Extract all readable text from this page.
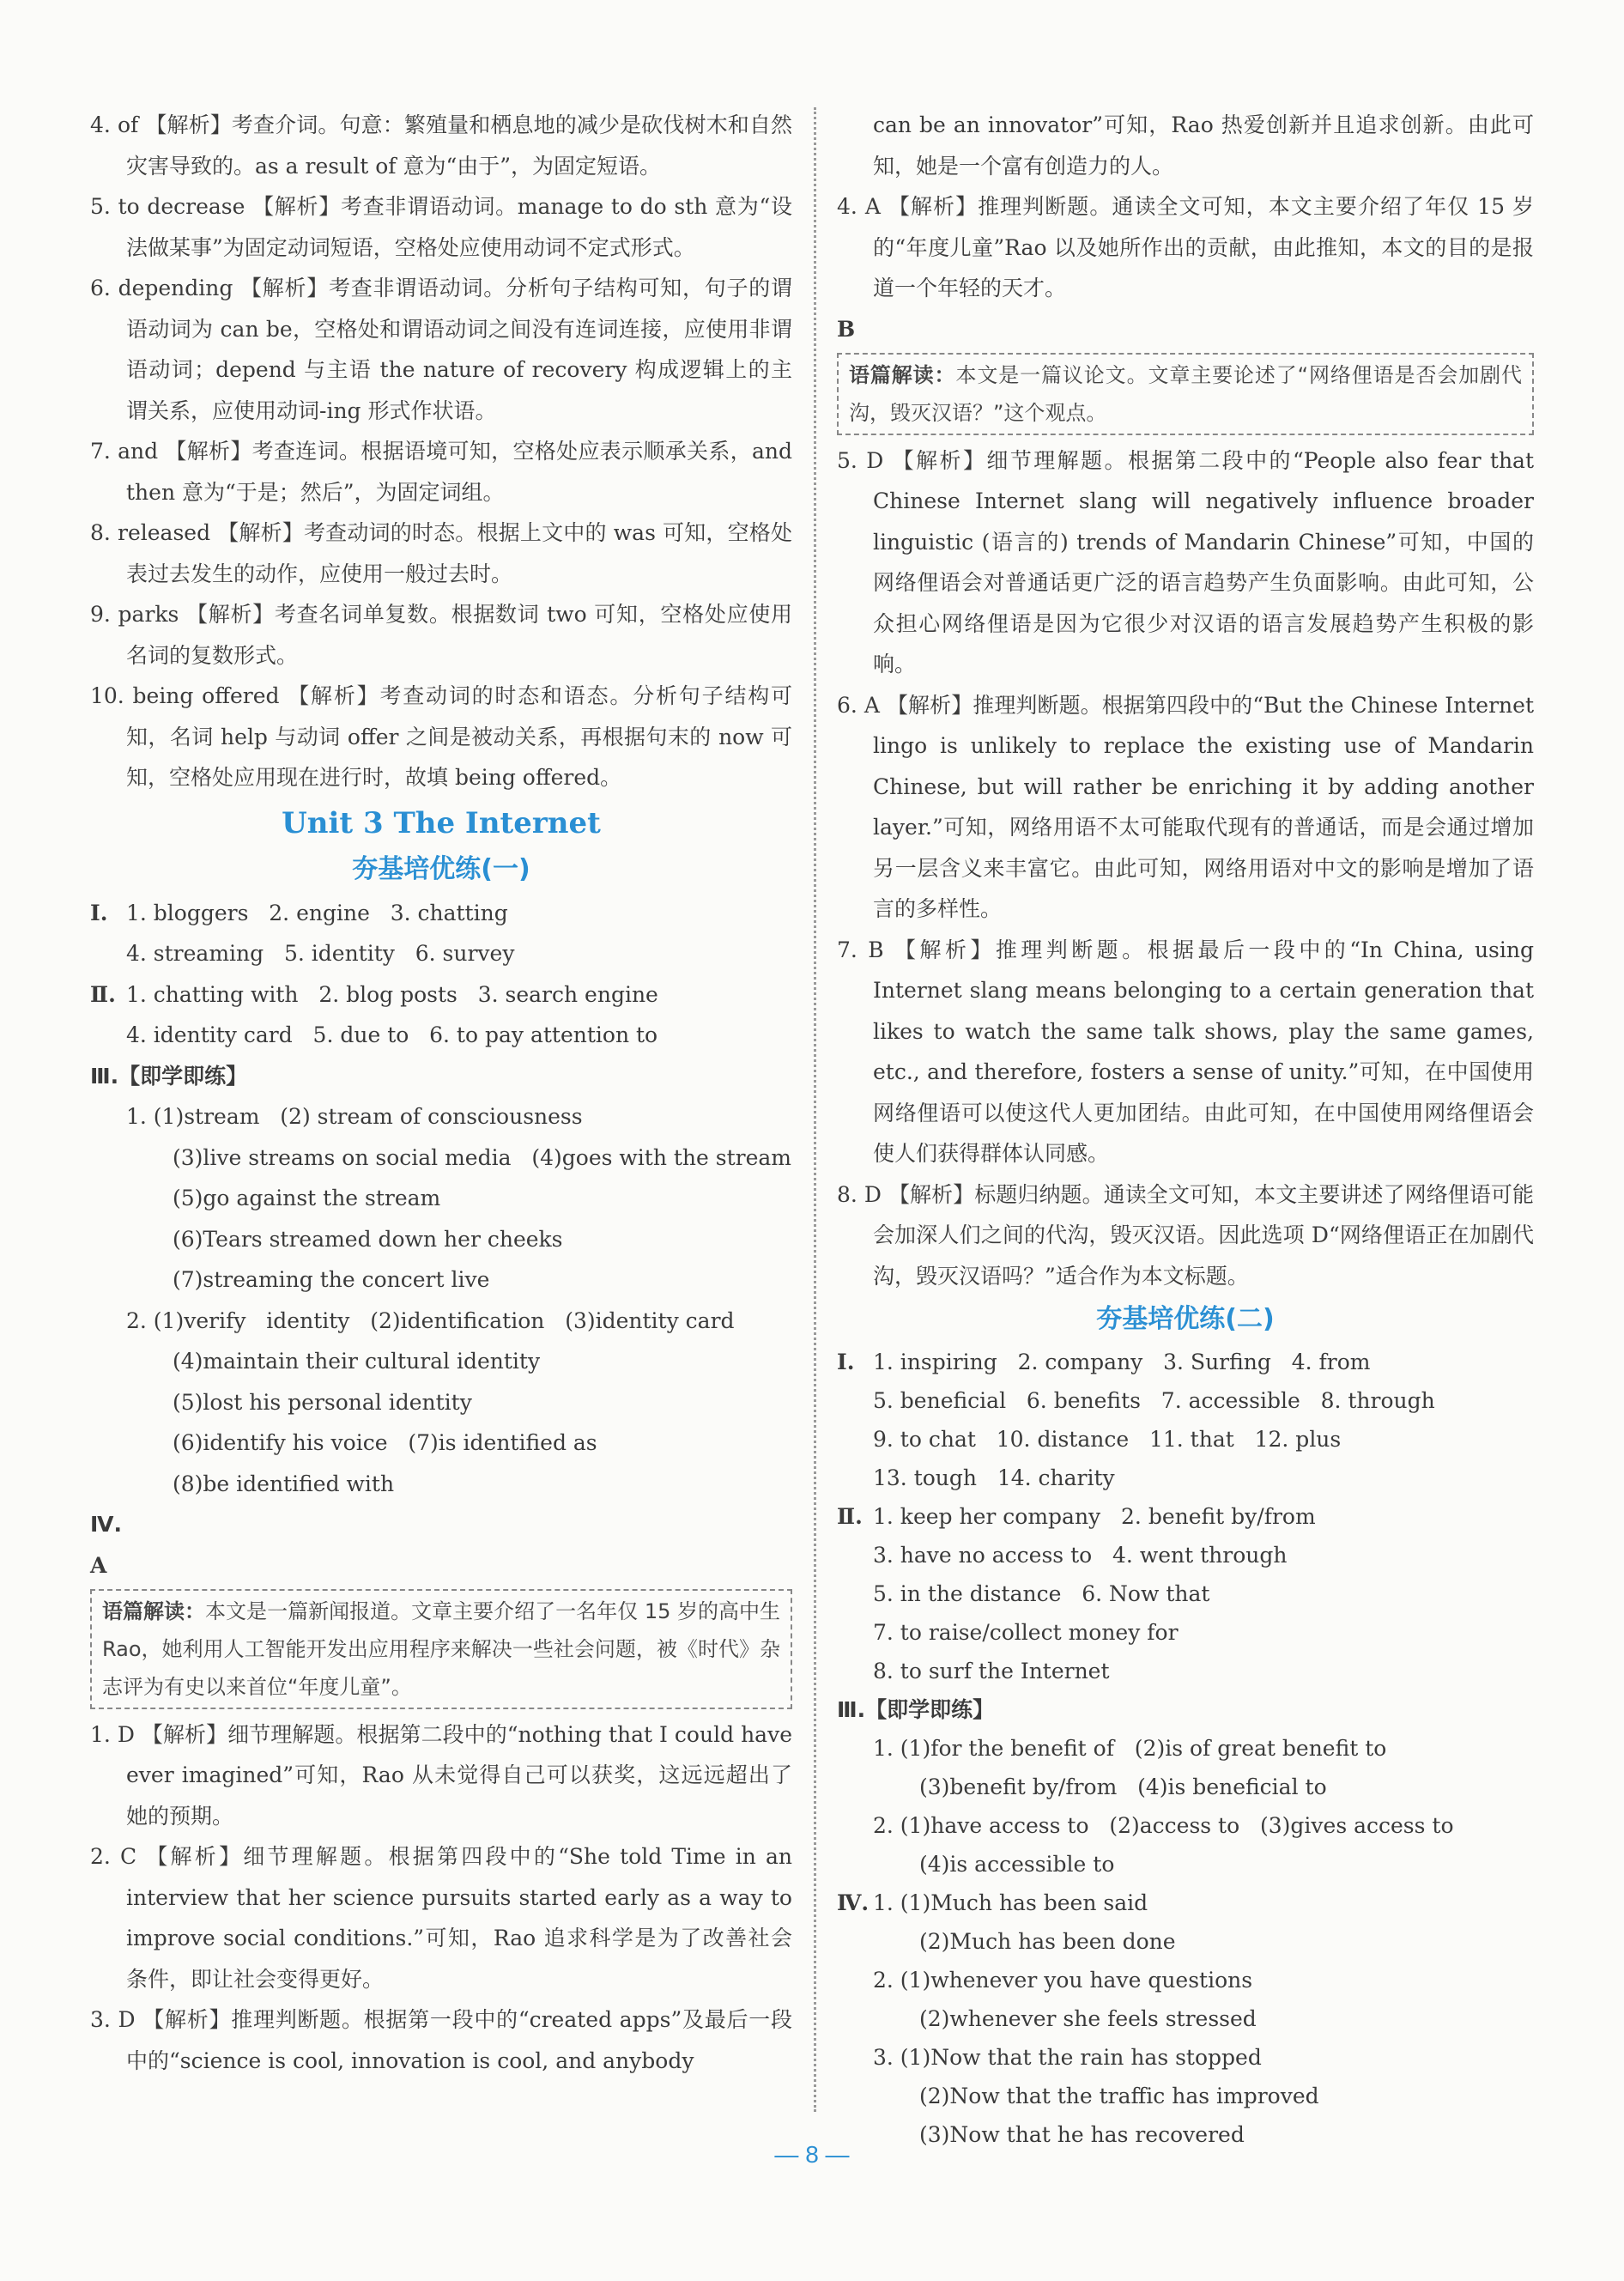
4. of 【解析】考查介词。句意：繁殖量和栖息地的减少是砍伐树木和自然灾害导致的。as a result of 意为“由于”，为固定短语。

5. to decrease 【解析】考查非谓语动词。manage to do sth 意为“设法做某事”为固定动词短语，空格处应使用动词不定式形式。

6. depending 【解析】考查非谓语动词。分析句子结构可知，句子的谓语动词为 can be，空格处和谓语动词之间没有连词连接，应使用非谓语动词；depend 与主语 the nature of recovery 构成逻辑上的主谓关系，应使用动词-ing 形式作状语。

7. and 【解析】考查连词。根据语境可知，空格处应表示顺承关系，and then 意为“于是；然后”，为固定词组。

8. released 【解析】考查动词的时态。根据上文中的 was 可知，空格处表过去发生的动作，应使用一般过去时。

9. parks 【解析】考查名词单复数。根据数词 two 可知，空格处应使用名词的复数形式。

10. being offered 【解析】考查动词的时态和语态。分析句子结构可知，名词 help 与动词 offer 之间是被动关系，再根据句末的 now 可知，空格处应用现在进行时，故填 being offered。

Unit 3 The Internet
夯基培优练(一)
Ⅰ. 1. bloggers   2. engine   3. chatting
4. streaming   5. identity   6. survey
Ⅱ. 1. chatting with   2. blog posts   3. search engine
4. identity card   5. due to   6. to pay attention to
Ⅲ.【即学即练】
1. (1)stream   (2) stream of consciousness
(3)live streams on social media   (4)goes with the stream
(5)go against the stream
(6)Tears streamed down her cheeks
(7)streaming the concert live
2. (1)verify   identity   (2)identification   (3)identity card
(4)maintain their cultural identity
(5)lost his personal identity
(6)identify his voice   (7)is identified as
(8)be identified with
Ⅳ.
A
语篇解读：本文是一篇新闻报道。文章主要介绍了一名年仅 15 岁的高中生 Rao，她利用人工智能开发出应用程序来解决一些社会问题，被《时代》杂志评为有史以来首位“年度儿童”。

1. D 【解析】细节理解题。根据第二段中的“nothing that I could have ever imagined”可知，Rao 从未觉得自己可以获奖，这远远超出了她的预期。

2. C 【解析】细节理解题。根据第四段中的“She told Time in an interview that her science pursuits started early as a way to improve social conditions.”可知，Rao 追求科学是为了改善社会条件，即让社会变得更好。

3. D 【解析】推理判断题。根据第一段中的“created apps”及最后一段中的“science is cool, innovation is cool, and anybody

can be an innovator”可知，Rao 热爱创新并且追求创新。由此可知，她是一个富有创造力的人。

4. A 【解析】推理判断题。通读全文可知，本文主要介绍了年仅 15 岁的“年度儿童”Rao 以及她所作出的贡献，由此推知，本文的目的是报道一个年轻的天才。

B
语篇解读：本文是一篇议论文。文章主要论述了“网络俚语是否会加剧代沟，毁灭汉语？”这个观点。

5. D 【解析】细节理解题。根据第二段中的“People also fear that Chinese Internet slang will negatively influence broader linguistic (语言的) trends of Mandarin Chinese”可知，中国的网络俚语会对普通话更广泛的语言趋势产生负面影响。由此可知，公众担心网络俚语是因为它很少对汉语的语言发展趋势产生积极的影响。

6. A 【解析】推理判断题。根据第四段中的“But the Chinese Internet lingo is unlikely to replace the existing use of Mandarin Chinese, but will rather be enriching it by adding another layer.”可知，网络用语不太可能取代现有的普通话，而是会通过增加另一层含义来丰富它。由此可知，网络用语对中文的影响是增加了语言的多样性。

7. B 【解析】推理判断题。根据最后一段中的“In China, using Internet slang means belonging to a certain generation that likes to watch the same talk shows, play the same games, etc., and therefore, fosters a sense of unity.”可知，在中国使用网络俚语可以使这代人更加团结。由此可知，在中国使用网络俚语会使人们获得群体认同感。

8. D 【解析】标题归纳题。通读全文可知，本文主要讲述了网络俚语可能会加深人们之间的代沟，毁灭汉语。因此选项 D“网络俚语正在加剧代沟，毁灭汉语吗？”适合作为本文标题。

夯基培优练(二)
Ⅰ. 1. inspiring   2. company   3. Surfing   4. from
5. beneficial   6. benefits   7. accessible   8. through
9. to chat   10. distance   11. that   12. plus
13. tough   14. charity
Ⅱ. 1. keep her company   2. benefit by/from
3. have no access to   4. went through
5. in the distance   6. Now that
7. to raise/collect money for
8. to surf the Internet
Ⅲ.【即学即练】
1. (1)for the benefit of   (2)is of great benefit to
(3)benefit by/from   (4)is beneficial to
2. (1)have access to   (2)access to   (3)gives access to
(4)is accessible to
Ⅳ. 1. (1)Much has been said
(2)Much has been done
2. (1)whenever you have questions
(2)whenever she feels stressed
3. (1)Now that the rain has stopped
(2)Now that the traffic has improved
(3)Now that he has recovered
— 8 —
